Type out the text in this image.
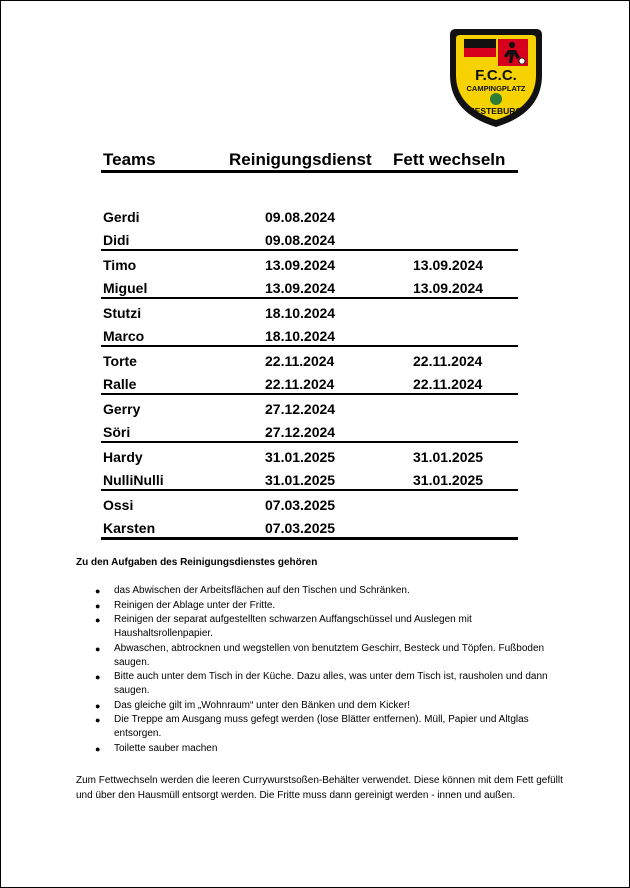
F.C.C.
CAMPINGPLATZ
JESTEBURG
Teams	Reinigungsdienst	Fett wechseln

Gerdi	09.08.2024	
Didi	09.08.2024	
Timo	13.09.2024	13.09.2024
Miguel	13.09.2024	13.09.2024
Stutzi	18.10.2024	
Marco	18.10.2024	
Torte	22.11.2024	22.11.2024
Ralle	22.11.2024	22.11.2024
Gerry	27.12.2024	
Söri	27.12.2024	
Hardy	31.01.2025	31.01.2025
NulliNulli	31.01.2025	31.01.2025
Ossi	07.03.2025	
Karsten	07.03.2025	
Zu den Aufgaben des Reinigungsdienstes gehören
● das Abwischen der Arbeitsflächen auf den Tischen und Schränken.
● Reinigen der Ablage unter der Fritte.
● Reinigen der separat aufgestellten schwarzen Auffangschüssel und Auslegen mit Haushaltsrollenpapier.
● Abwaschen, abtrocknen und wegstellen von benutztem Geschirr, Besteck und Töpfen. Fußboden saugen.
● Bitte auch unter dem Tisch in der Küche. Dazu alles, was unter dem Tisch ist, rausholen und dann saugen.
● Das gleiche gilt im „Wohnraum“ unter den Bänken und dem Kicker!
● Die Treppe am Ausgang muss gefegt werden (lose Blätter entfernen). Müll, Papier und Altglas entsorgen.
● Toilette sauber machen
Zum Fettwechseln werden die leeren Currywurstsoßen-Behälter verwendet. Diese können mit dem Fett gefüllt und über den Hausmüll entsorgt werden. Die Fritte muss dann gereinigt werden - innen und außen.
